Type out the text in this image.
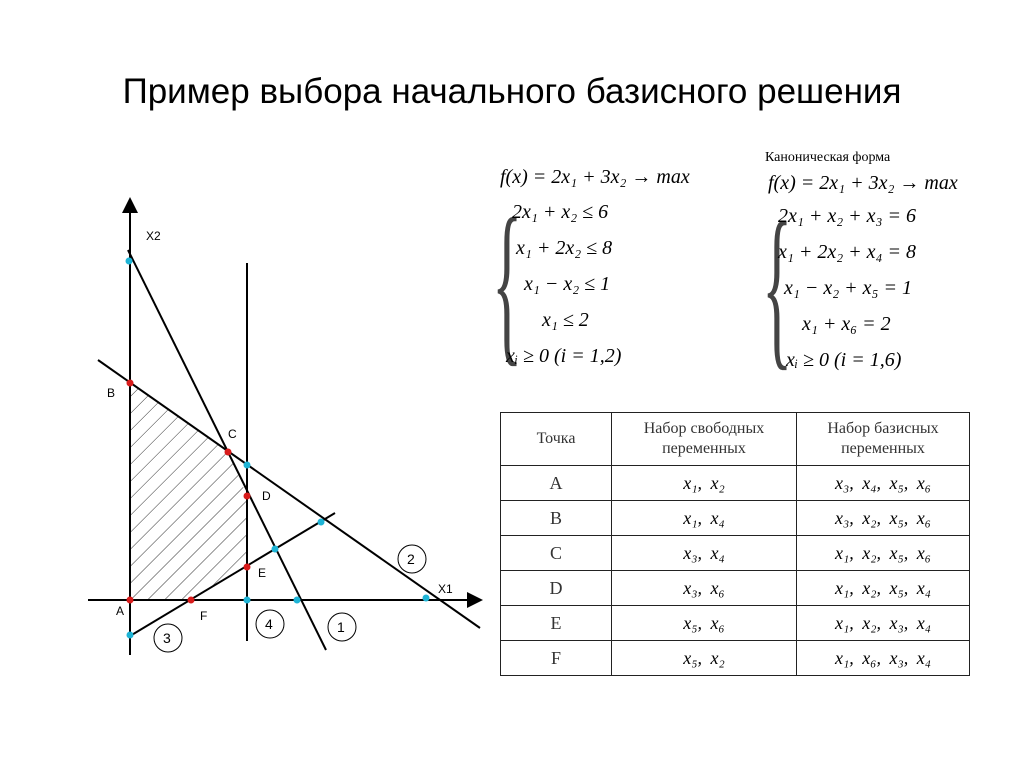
Пример выбора начального базисного решения
X2
X1
A
B
C
D
E
F
1
2
3
4
f(x) = 2x₁ + 3x₂ → max
{
2x₁ + x₂ ≤ 6
x₁ + 2x₂ ≤ 8
x₁ − x₂ ≤ 1
x₁ ≤ 2
xᵢ ≥ 0 (i = 1,2)
Каноническая форма
f(x) = 2x₁ + 3x₂ → max
{
2x₁ + x₂ + x₃ = 6
x₁ + 2x₂ + x₄ = 8
x₁ − x₂ + x₅ = 1
x₁ + x₆ = 2
xᵢ ≥ 0 (i = 1,6)
Точка	Набор свободных переменных	Набор базисных переменных
A	x₁, x₂	x₃, x₄, x₅, x₆
B	x₁, x₄	x₃, x₂, x₅, x₆
C	x₃, x₄	x₁, x₂, x₅, x₆
D	x₃, x₆	x₁, x₂, x₅, x₄
E	x₅, x₆	x₁, x₂, x₃, x₄
F	x₅, x₂	x₁, x₆, x₃, x₄
